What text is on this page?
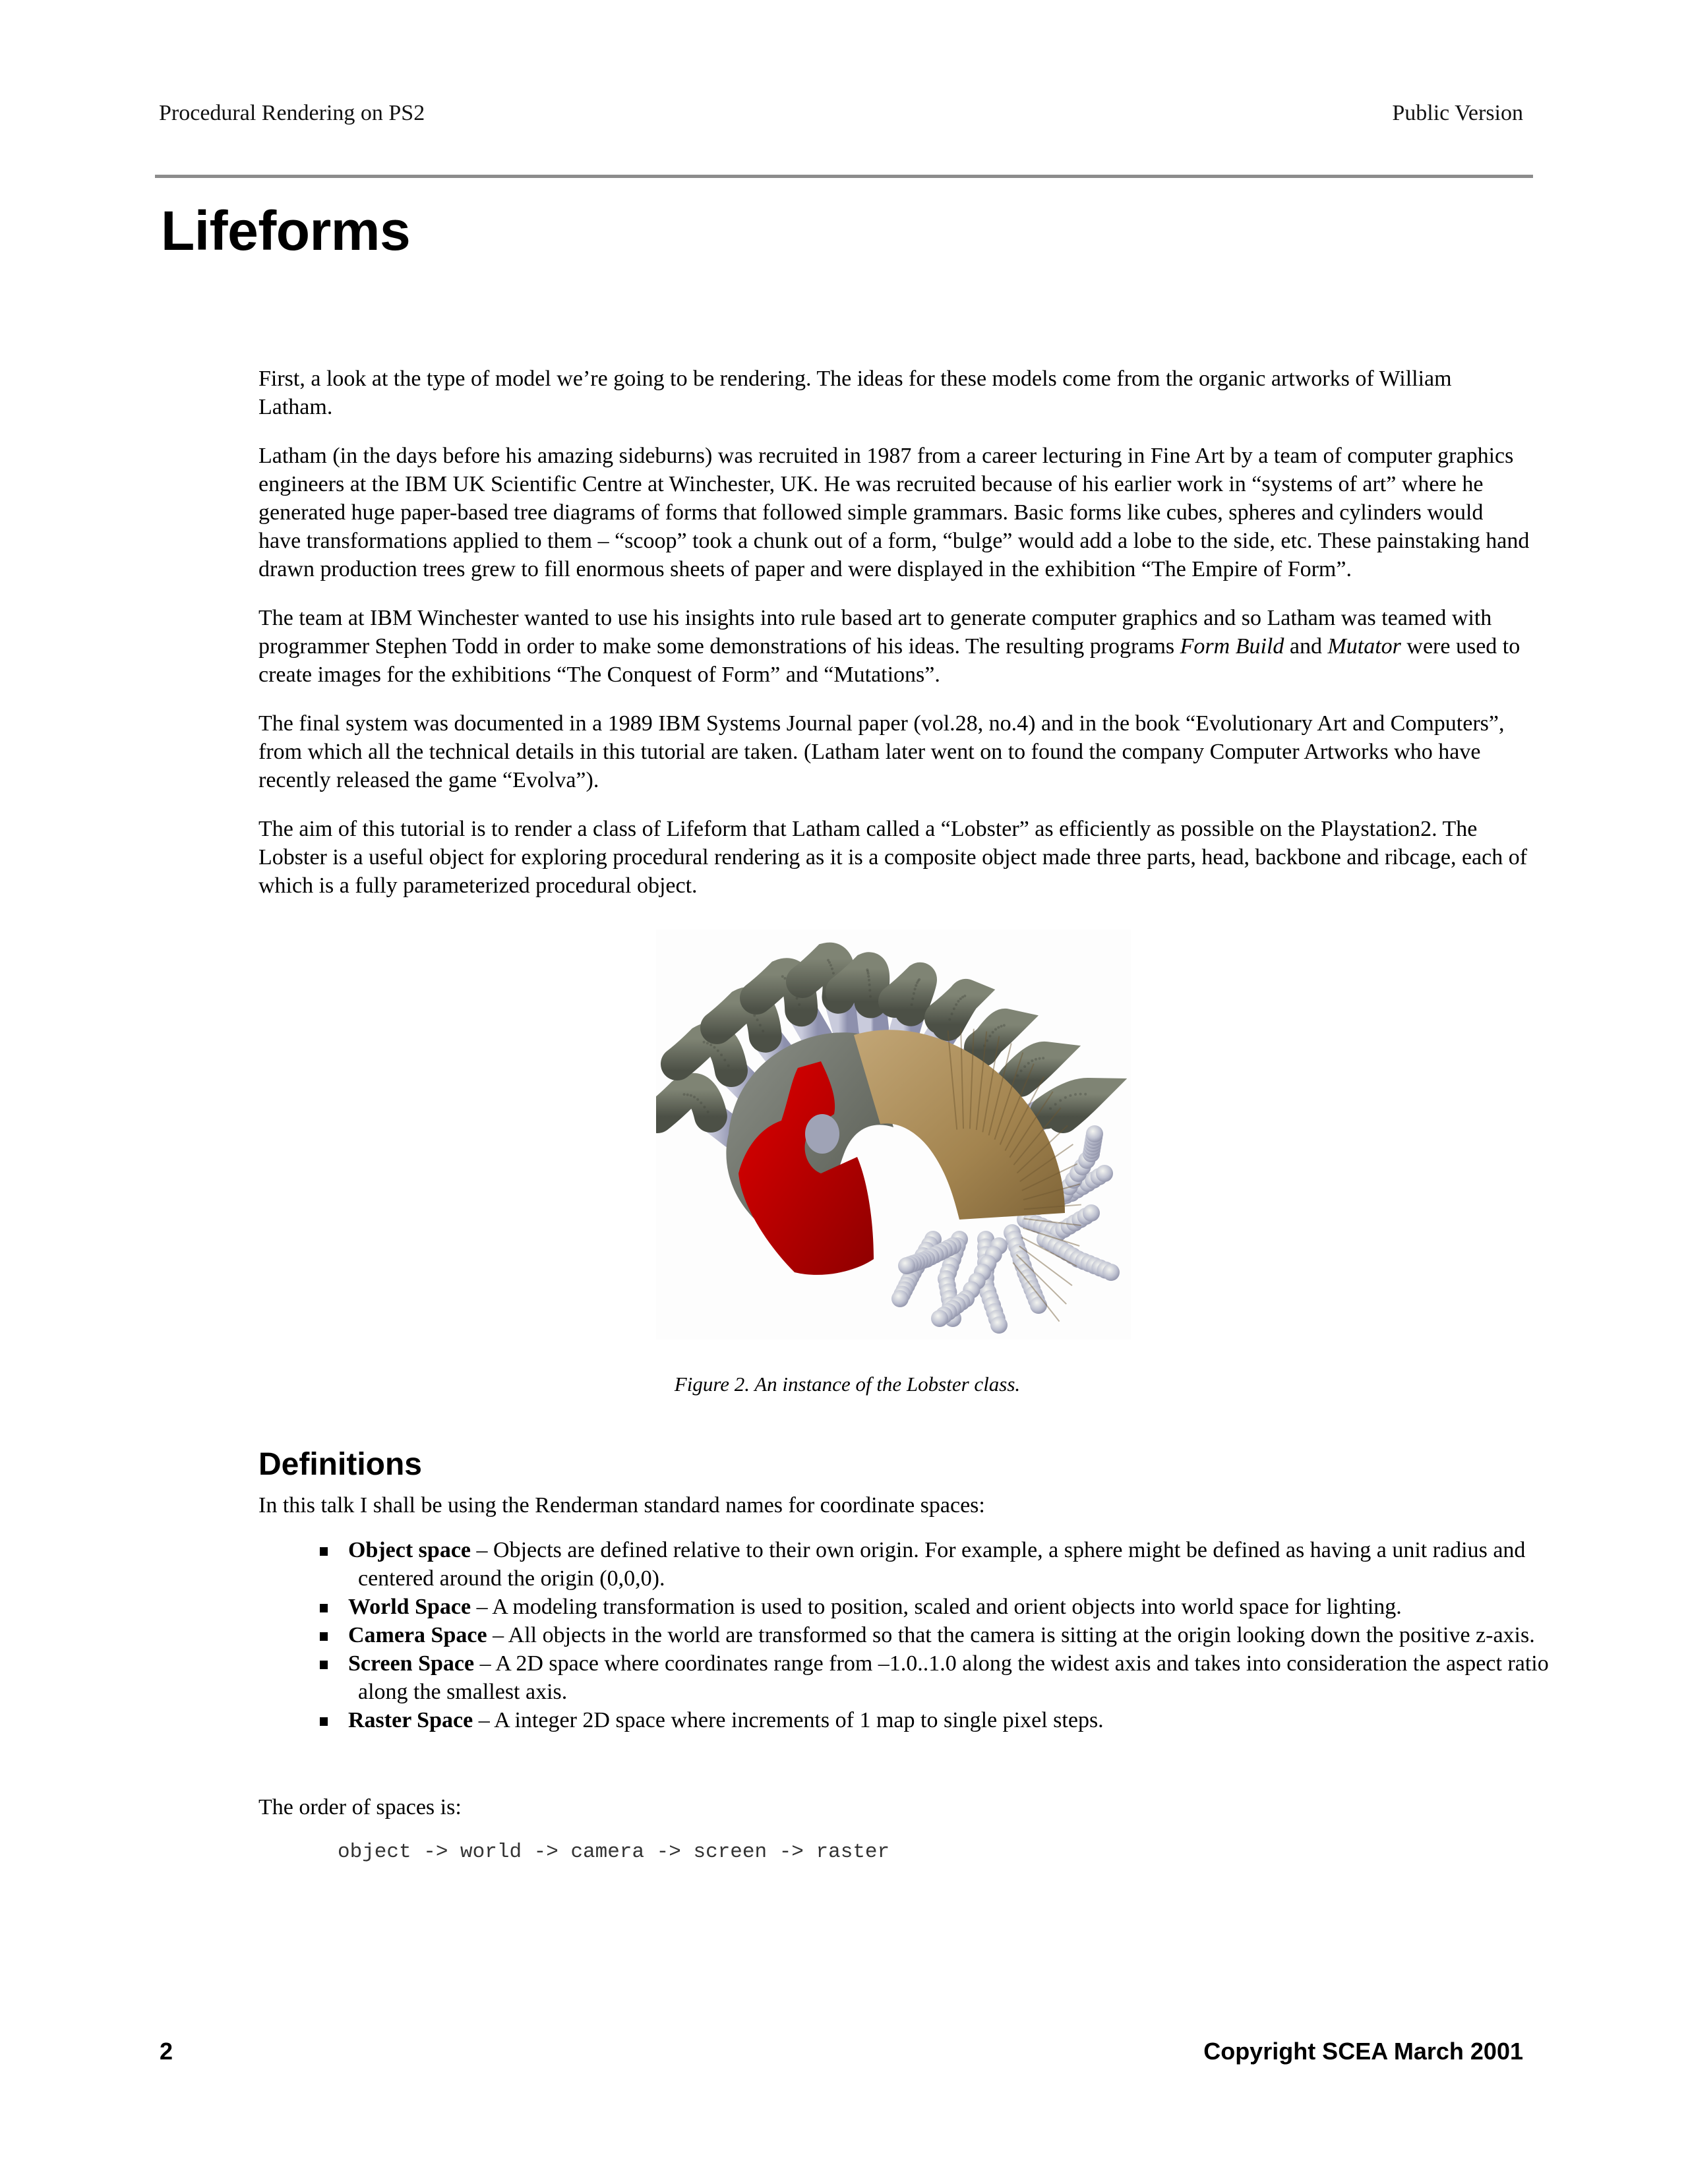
Procedural Rendering on PS2	Public Version
Lifeforms

First, a look at the type of model we’re going to be rendering. The ideas for these models come from the organic artworks of William Latham.

Latham (in the days before his amazing sideburns) was recruited in 1987 from a career lecturing in Fine Art by a team of computer graphics engineers at the IBM UK Scientific Centre at Winchester, UK. He was recruited because of his earlier work in “systems of art” where he generated huge paper-based tree diagrams of forms that followed simple grammars. Basic forms like cubes, spheres and cylinders would have transformations applied to them – “scoop” took a chunk out of a form, “bulge” would add a lobe to the side, etc. These painstaking hand drawn production trees grew to fill enormous sheets of paper and were displayed in the exhibition “The Empire of Form”.

The team at IBM Winchester wanted to use his insights into rule based art to generate computer graphics and so Latham was teamed with programmer Stephen Todd in order to make some demonstrations of his ideas. The resulting programs Form Build and Mutator were used to create images for the exhibitions “The Conquest of Form” and “Mutations”.

The final system was documented in a 1989 IBM Systems Journal paper (vol.28, no.4) and in the book “Evolutionary Art and Computers”, from which all the technical details in this tutorial are taken. (Latham later went on to found the company Computer Artworks who have recently released the game “Evolva”).

The aim of this tutorial is to render a class of Lifeform that Latham called a “Lobster” as efficiently as possible on the Playstation2. The Lobster is a useful object for exploring procedural rendering as it is a composite object made three parts, head, backbone and ribcage, each of which is a fully parameterized procedural object.

Figure 2. An instance of the Lobster class.
Definitions

In this talk I shall be using the Renderman standard names for coordinate spaces:

Object space – Objects are defined relative to their own origin. For example, a sphere might be defined as having a unit radius and centered around the origin (0,0,0).
World Space – A modeling transformation is used to position, scaled and orient objects into world space for lighting.
Camera Space – All objects in the world are transformed so that the camera is sitting at the origin looking down the positive z-axis.
Screen Space – A 2D space where coordinates range from –1.0..1.0 along the widest axis and takes into consideration the aspect ratio along the smallest axis.
Raster Space – A integer 2D space where increments of 1 map to single pixel steps.

The order of spaces is:

object -> world -> camera -> screen -> raster
2	Copyright SCEA March 2001
